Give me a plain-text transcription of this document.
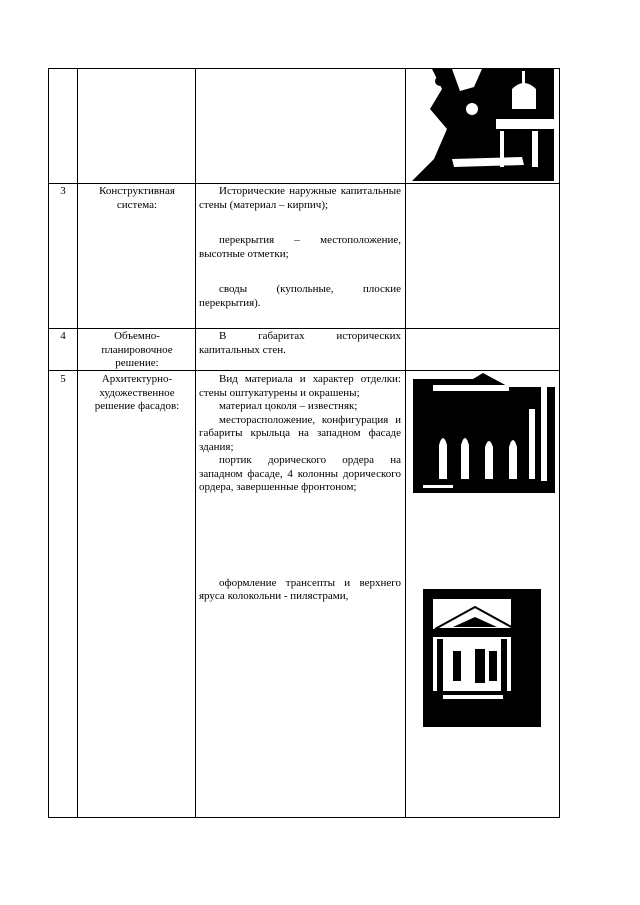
3	Конструктивная система:

Исторические наружные капитальные стены (материал – кирпич);

перекрытия – местоположение, высотные отметки;

своды (купольные, плоские перекрытия).

4	Объемно-планировочное решение:

В габаритах исторических капитальных стен.

5	Архитектурно-художественное решение фасадов:

Вид материала и характер отделки: стены оштукатурены и окрашены;

материал цоколя – известняк;

месторасположение, конфигурация и габариты крыльца на западном фасаде здания;

портик дорического ордера на западном фасаде, 4 колонны дорического ордера, завершенные фронтоном;

оформление трансепты и верхнего яруса колокольни - пилястрами,
